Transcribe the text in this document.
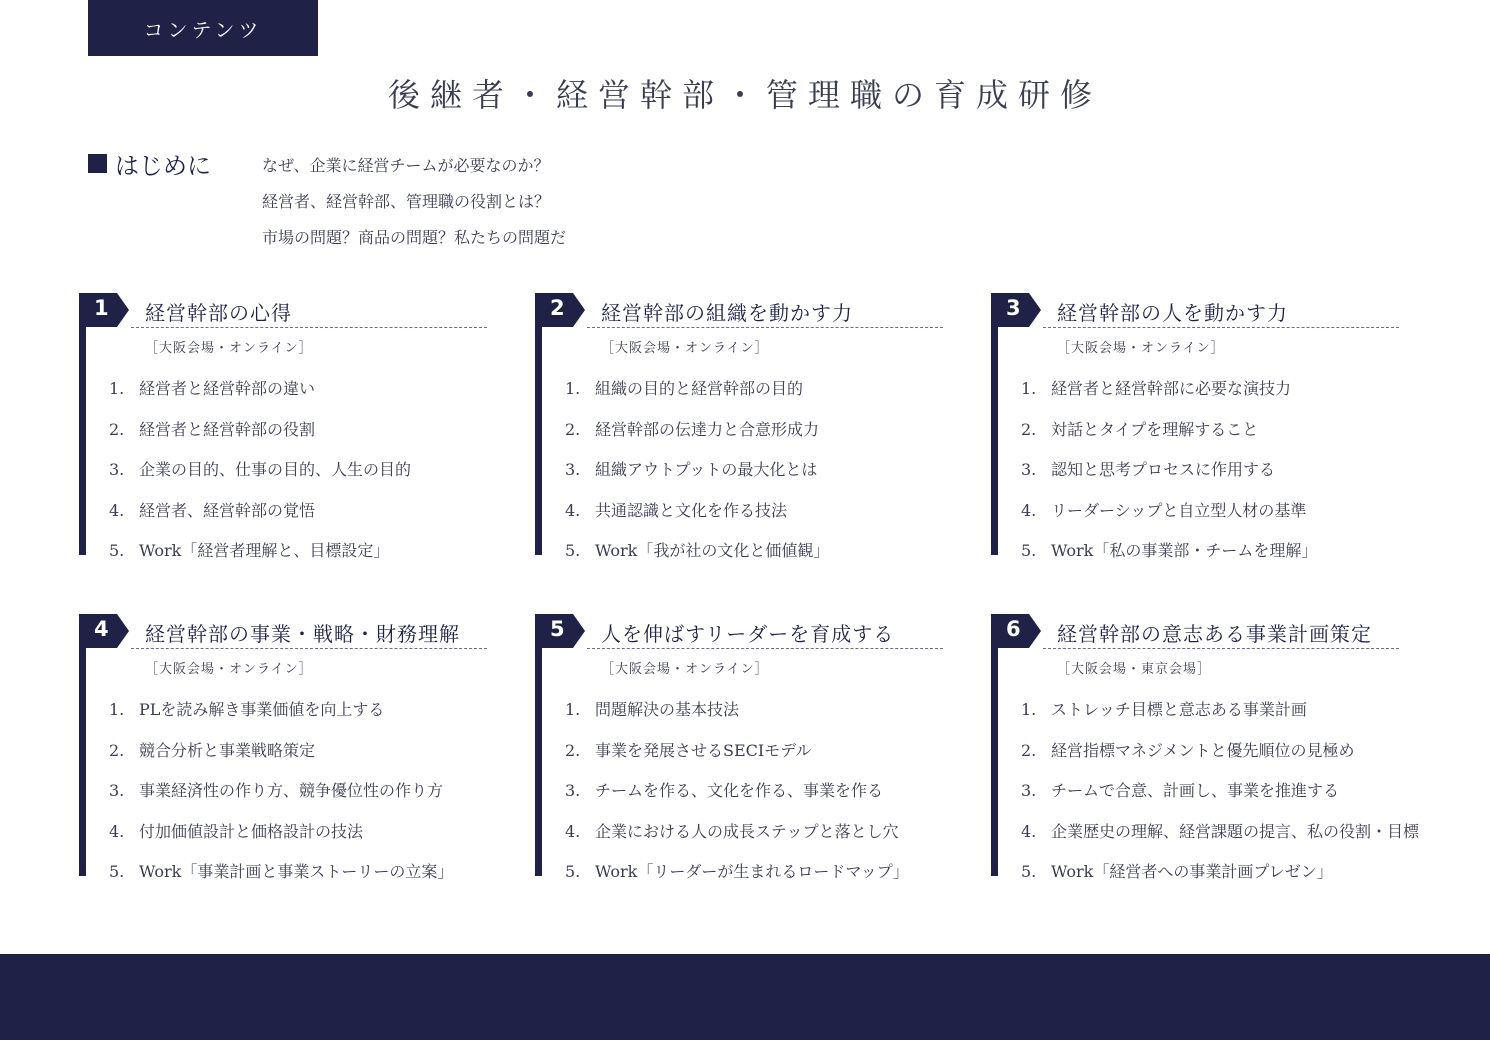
コンテンツ
後継者・経営幹部・管理職の育成研修
はじめに	なぜ、企業に経営チームが必要なのか？
経営者、経営幹部、管理職の役割とは？
市場の問題？商品の問題？私たちの問題だ
1 経営幹部の心得
［大阪会場・オンライン］
1. 経営者と経営幹部の違い
2. 経営者と経営幹部の役割
3. 企業の目的、仕事の目的、人生の目的
4. 経営者、経営幹部の覚悟
5. Work「経営者理解と、目標設定」
2 経営幹部の組織を動かす力
［大阪会場・オンライン］
1. 組織の目的と経営幹部の目的
2. 経営幹部の伝達力と合意形成力
3. 組織アウトプットの最大化とは
4. 共通認識と文化を作る技法
5. Work「我が社の文化と価値観」
3 経営幹部の人を動かす力
［大阪会場・オンライン］
1. 経営者と経営幹部に必要な演技力
2. 対話とタイプを理解すること
3. 認知と思考プロセスに作用する
4. リーダーシップと自立型人材の基準
5. Work「私の事業部・チームを理解」
4 経営幹部の事業・戦略・財務理解
［大阪会場・オンライン］
1. PLを読み解き事業価値を向上する
2. 競合分析と事業戦略策定
3. 事業経済性の作り方、競争優位性の作り方
4. 付加価値設計と価格設計の技法
5. Work「事業計画と事業ストーリーの立案」
5 人を伸ばすリーダーを育成する
［大阪会場・オンライン］
1. 問題解決の基本技法
2. 事業を発展させるSECIモデル
3. チームを作る、文化を作る、事業を作る
4. 企業における人の成長ステップと落とし穴
5. Work「リーダーが生まれるロードマップ」
6 経営幹部の意志ある事業計画策定
［大阪会場・東京会場］
1. ストレッチ目標と意志ある事業計画
2. 経営指標マネジメントと優先順位の見極め
3. チームで合意、計画し、事業を推進する
4. 企業歴史の理解、経営課題の提言、私の役割・目標
5. Work「経営者への事業計画プレゼン」
